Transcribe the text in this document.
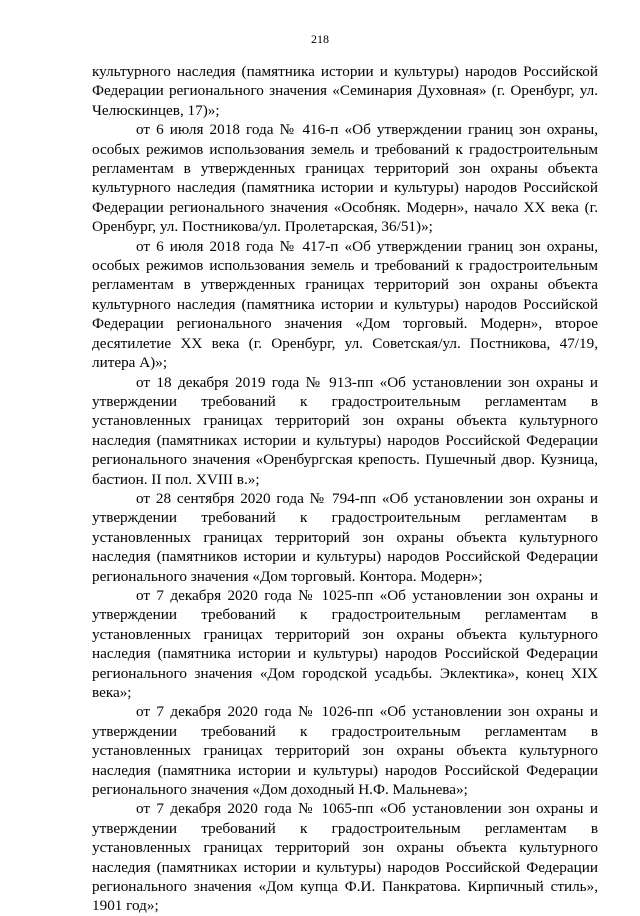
218

культурного наследия (памятника истории и культуры) народов Российской Федерации регионального значения «Семинария Духовная» (г. Оренбург, ул. Челюскинцев, 17)»;

от 6 июля 2018 года № 416-п «Об утверждении границ зон охраны, особых режимов использования земель и требований к градостроительным регламентам в утвержденных границах территорий зон охраны объекта культурного наследия (памятника истории и культуры) народов Российской Федерации регионального значения «Особняк. Модерн», начало XX века (г. Оренбург, ул. Постникова/ул. Пролетарская, 36/51)»;

от 6 июля 2018 года № 417-п «Об утверждении границ зон охраны, особых режимов использования земель и требований к градостроительным регламентам в утвержденных границах территорий зон охраны объекта культурного наследия (памятника истории и культуры) народов Российской Федерации регионального значения «Дом торговый. Модерн», второе десятилетие XX века (г. Оренбург, ул. Советская/ул. Постникова, 47/19, литера А)»;

от 18 декабря 2019 года № 913-пп «Об установлении зон охраны и утверждении требований к градостроительным регламентам в установленных границах территорий зон охраны объекта культурного наследия (памятниках истории и культуры) народов Российской Федерации регионального значения «Оренбургская крепость. Пушечный двор. Кузница, бастион. II пол. XVIII в.»;

от 28 сентября 2020 года № 794-пп «Об установлении зон охраны и утверждении требований к градостроительным регламентам в установленных границах территорий зон охраны объекта культурного наследия (памятников истории и культуры) народов Российской Федерации регионального значения «Дом торговый. Контора. Модерн»;

от 7 декабря 2020 года № 1025-пп «Об установлении зон охраны и утверждении требований к градостроительным регламентам в установленных границах территорий зон охраны объекта культурного наследия (памятника истории и культуры) народов Российской Федерации регионального значения «Дом городской усадьбы. Эклектика», конец XIX века»;

от 7 декабря 2020 года № 1026-пп «Об установлении зон охраны и утверждении требований к градостроительным регламентам в установленных границах территорий зон охраны объекта культурного наследия (памятника истории и культуры) народов Российской Федерации регионального значения «Дом доходный Н.Ф. Мальнева»;

от 7 декабря 2020 года № 1065-пп «Об установлении зон охраны и утверждении требований к градостроительным регламентам в установленных границах территорий зон охраны объекта культурного наследия (памятниках истории и культуры) народов Российской Федерации регионального значения «Дом купца Ф.И. Панкратова. Кирпичный стиль», 1901 год»;
